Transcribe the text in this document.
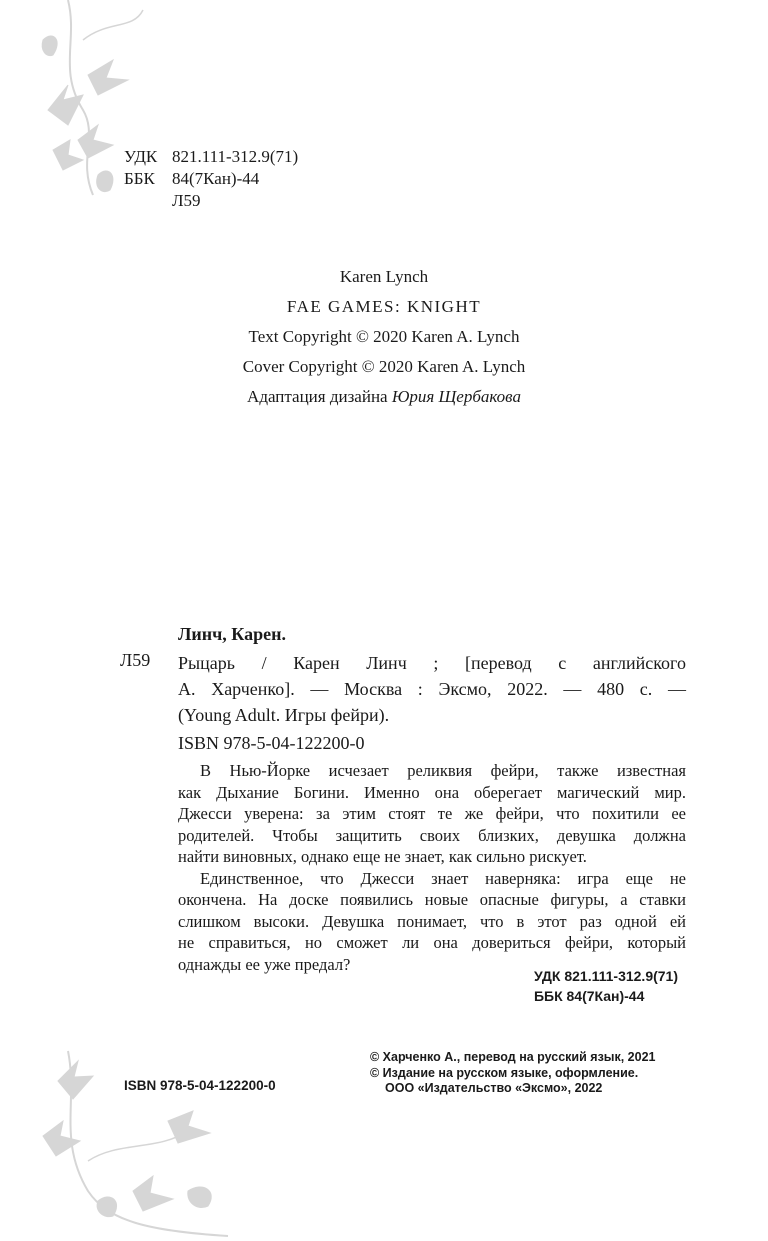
УДК 821.111-312.9(71)
ББК 84(7Кан)-44
Л59
Karen Lynch
FAE GAMES: KNIGHT
Text Copyright © 2020 Karen A. Lynch
Cover Copyright © 2020 Karen A. Lynch
Адаптация дизайна Юрия Щербакова
Линч, Карен.
Л59 Рыцарь / Карен Линч ; [перевод с английского
А. Харченко]. — Москва : Эксмо, 2022. — 480 с. —
(Young Adult. Игры фейри).
ISBN 978-5-04-122200-0
В Нью-Йорке исчезает реликвия фейри, также известная
как Дыхание Богини. Именно она оберегает магический мир.
Джесси уверена: за этим стоят те же фейри, что похитили ее
родителей. Чтобы защитить своих близких, девушка должна
найти виновных, однако еще не знает, как сильно рискует.
Единственное, что Джесси знает наверняка: игра еще не
окончена. На доске появились новые опасные фигуры, а ставки
слишком высоки. Девушка понимает, что в этот раз одной ей
не справиться, но сможет ли она довериться фейри, который
однажды ее уже предал?
УДК 821.111-312.9(71)
ББК 84(7Кан)-44
© Харченко А., перевод на русский язык, 2021
© Издание на русском языке, оформление.
ООО «Издательство «Эксмо», 2022
ISBN 978-5-04-122200-0
